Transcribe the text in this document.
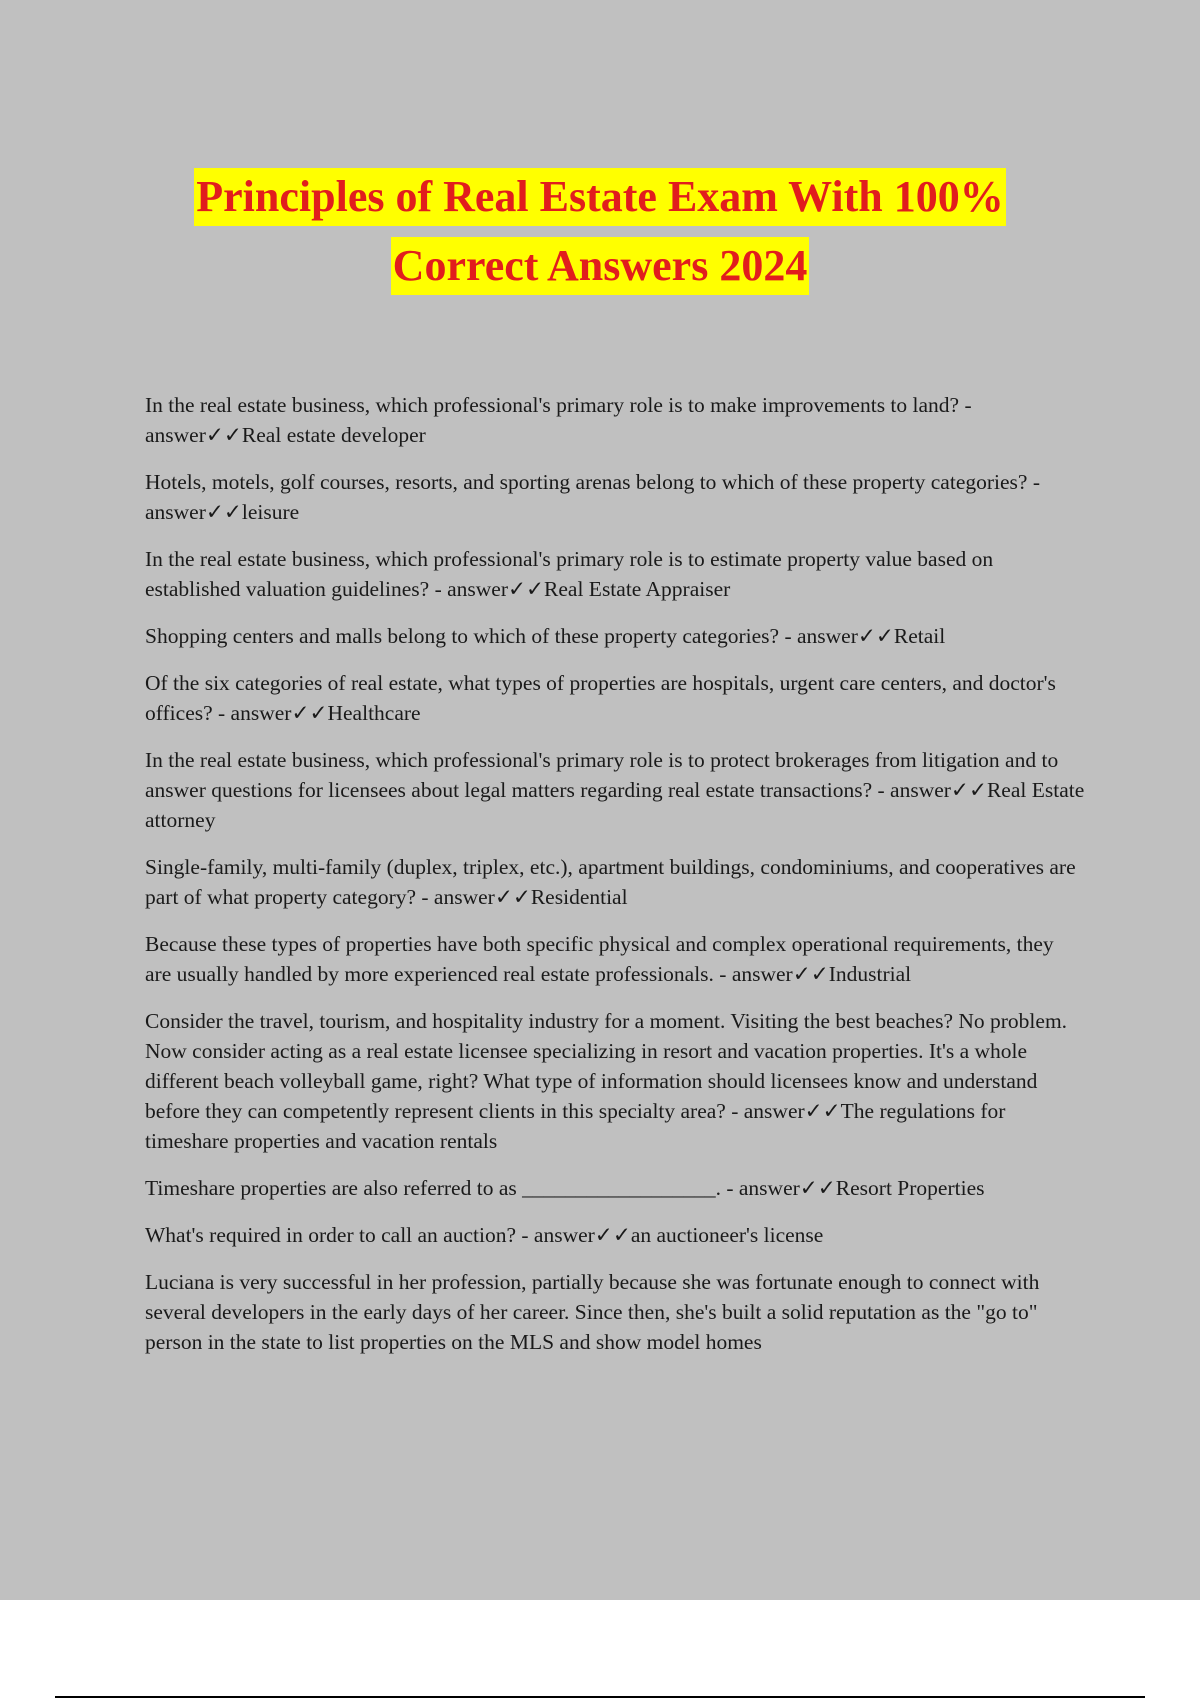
Principles of Real Estate Exam With 100%
Correct Answers 2024

In the real estate business, which professional's primary role is to make improvements to land? - answer✓✓Real estate developer

Hotels, motels, golf courses, resorts, and sporting arenas belong to which of these property categories? - answer✓✓leisure

In the real estate business, which professional's primary role is to estimate property value based on established valuation guidelines? - answer✓✓Real Estate Appraiser

Shopping centers and malls belong to which of these property categories? - answer✓✓Retail

Of the six categories of real estate, what types of properties are hospitals, urgent care centers, and doctor's offices? - answer✓✓Healthcare

In the real estate business, which professional's primary role is to protect brokerages from litigation and to answer questions for licensees about legal matters regarding real estate transactions? - answer✓✓Real Estate attorney

Single-family, multi-family (duplex, triplex, etc.), apartment buildings, condominiums, and cooperatives are part of what property category? - answer✓✓Residential

Because these types of properties have both specific physical and complex operational requirements, they are usually handled by more experienced real estate professionals. - answer✓✓Industrial

Consider the travel, tourism, and hospitality industry for a moment. Visiting the best beaches? No problem. Now consider acting as a real estate licensee specializing in resort and vacation properties. It's a whole different beach volleyball game, right? What type of information should licensees know and understand before they can competently represent clients in this specialty area? - answer✓✓The regulations for timeshare properties and vacation rentals

Timeshare properties are also referred to as __________________. - answer✓✓Resort Properties

What's required in order to call an auction? - answer✓✓an auctioneer's license

Luciana is very successful in her profession, partially because she was fortunate enough to connect with several developers in the early days of her career. Since then, she's built a solid reputation as the "go to" person in the state to list properties on the MLS and show model homes
